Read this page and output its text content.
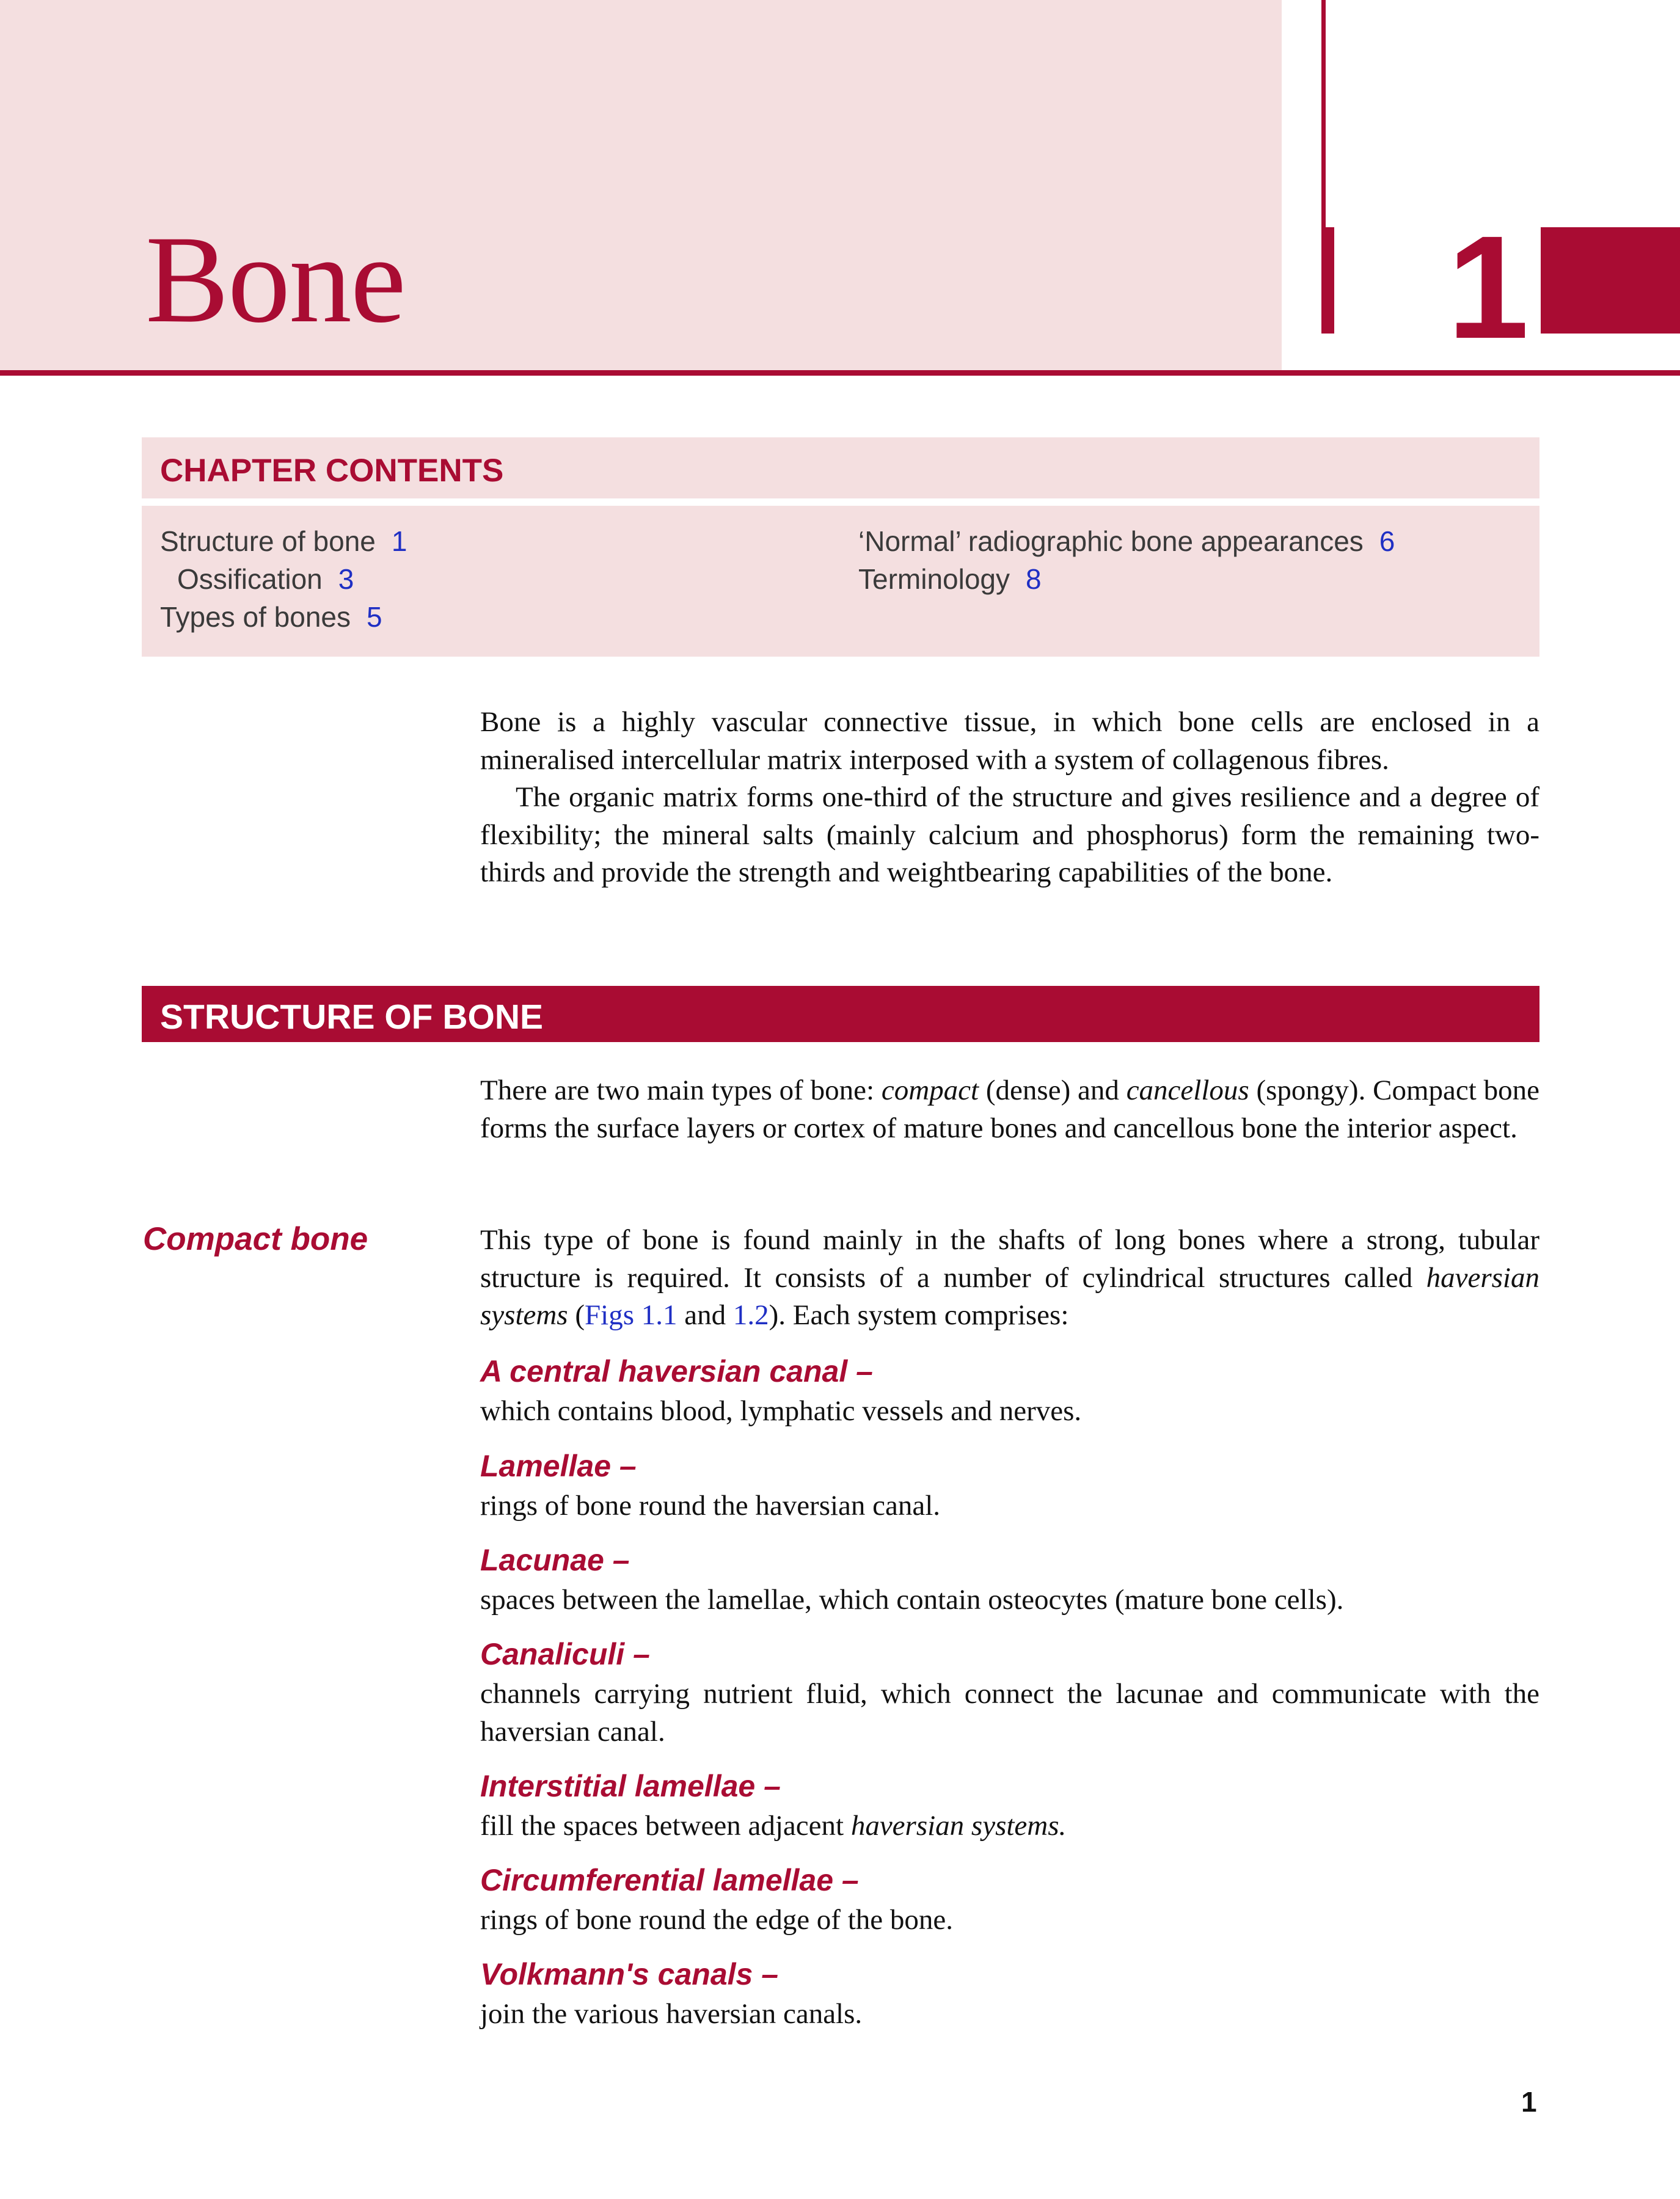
1
Bone
CHAPTER CONTENTS
Structure of bone 1
Ossification 3
Types of bones 5
‘Normal’ radiographic bone appearances 6
Terminology 8
Bone is a highly vascular connective tissue, in which bone cells are enclosed in a mineralised intercellular matrix interposed with a system of collagenous fibres.
The organic matrix forms one-third of the structure and gives resilience and a degree of flexibility; the mineral salts (mainly calcium and phosphorus) form the remaining two-thirds and provide the strength and weightbearing capabilities of the bone.
STRUCTURE OF BONE
There are two main types of bone: compact (dense) and cancellous (spongy). Compact bone forms the surface layers or cortex of mature bones and cancellous bone the interior aspect.
Compact bone	This type of bone is found mainly in the shafts of long bones where a strong, tubular structure is required. It consists of a number of cylindrical structures called haversian systems (Figs 1.1 and 1.2). Each system comprises:
A central haversian canal –
which contains blood, lymphatic vessels and nerves.
Lamellae –
rings of bone round the haversian canal.
Lacunae –
spaces between the lamellae, which contain osteocytes (mature bone cells).
Canaliculi –
channels carrying nutrient fluid, which connect the lacunae and communicate with the haversian canal.
Interstitial lamellae –
fill the spaces between adjacent haversian systems.
Circumferential lamellae –
rings of bone round the edge of the bone.
Volkmann's canals –
join the various haversian canals.
1
